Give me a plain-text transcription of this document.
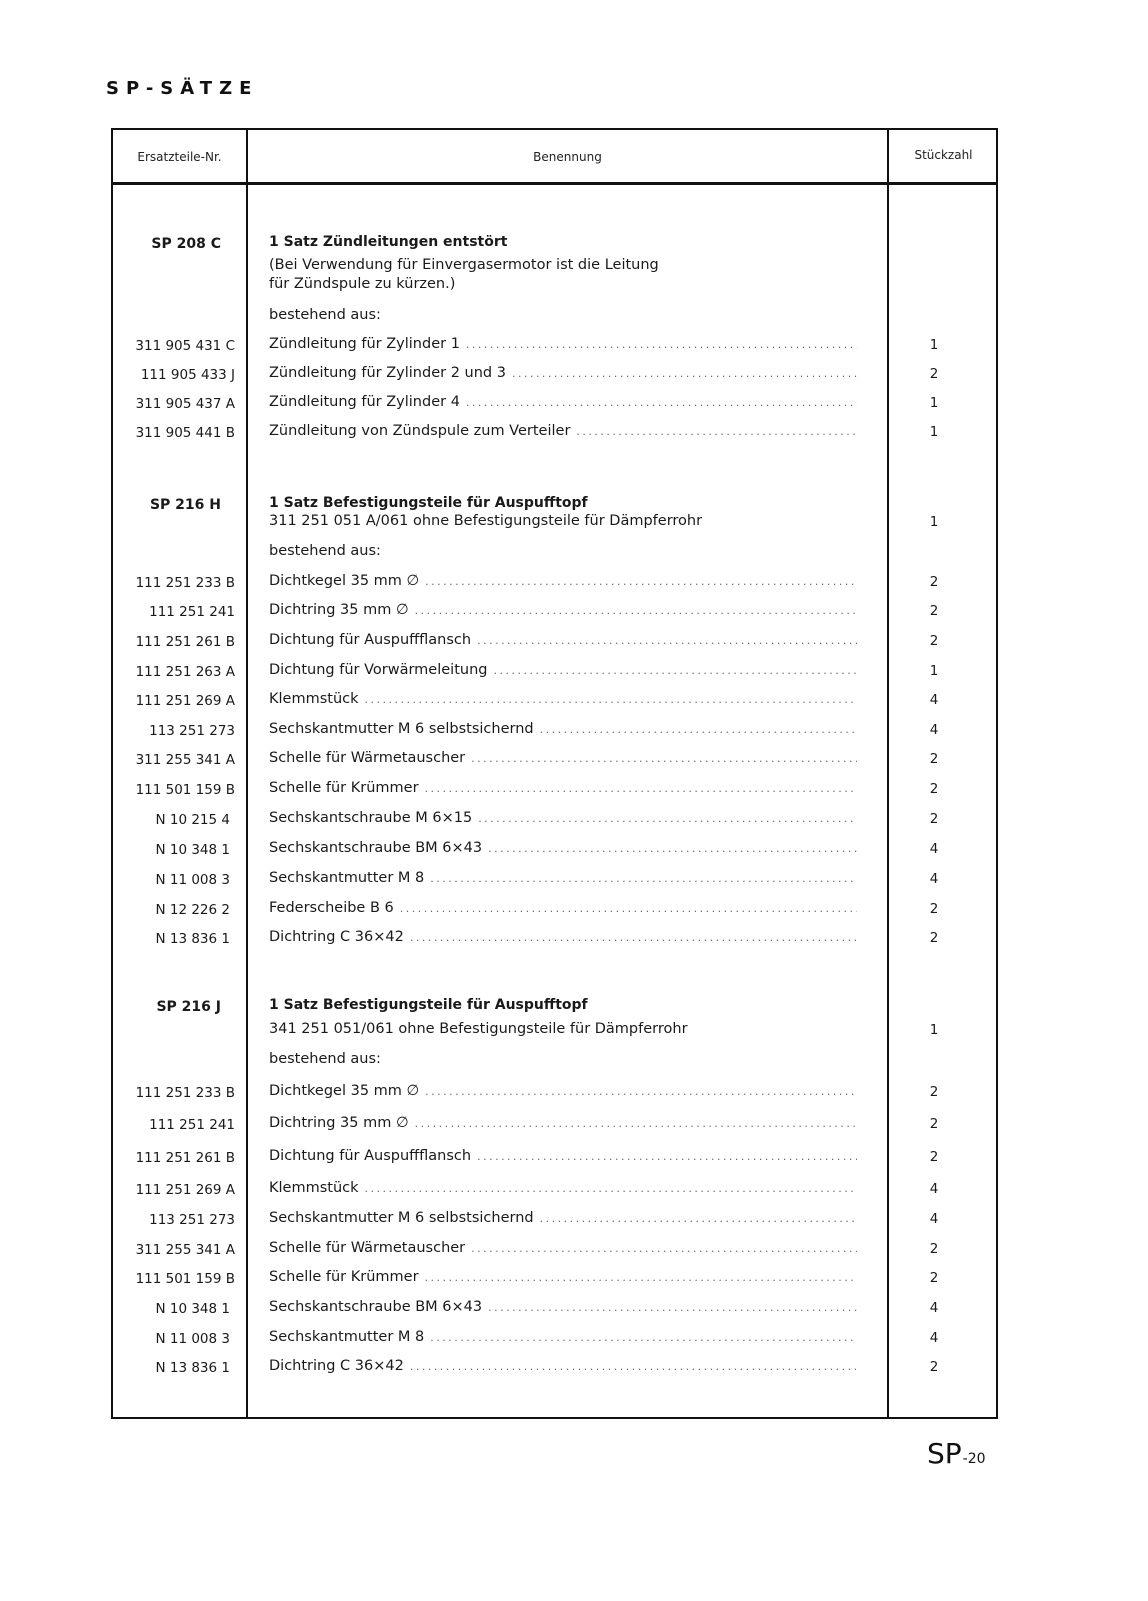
SP-SÄTZE
Ersatzteile-Nr.	Benennung	Stückzahl
SP 208 C	1 Satz Zündleitungen entstört
(Bei Verwendung für Einvergasermotor ist die Leitung
für Zündspule zu kürzen.)
bestehend aus:
311 905 431 C Zündleitung für Zylinder 1 .....	1
111 905 433 J Zündleitung für Zylinder 2 und 3 .....	2
311 905 437 A Zündleitung für Zylinder 4 .....	1
311 905 441 B Zündleitung von Zündspule zum Verteiler .....	1
SP 216 H	1 Satz Befestigungsteile für Auspufftopf
311 251 051 A/061 ohne Befestigungsteile für Dämpferrohr	1
bestehend aus:
111 251 233 B Dichtkegel 35 mm ∅ .....	2
111 251 241 Dichtring 35 mm ∅ .....	2
111 251 261 B Dichtung für Auspuffflansch .....	2
111 251 263 A Dichtung für Vorwärmeleitung .....	1
111 251 269 A Klemmstück .....	4
113 251 273 Sechskantmutter M 6 selbstsichernd .....	4
311 255 341 A Schelle für Wärmetauscher .....	2
111 501 159 B Schelle für Krümmer .....	2
N 10 215 4	Sechskantschraube M 6×15 .....	2
N 10 348 1	Sechskantschraube BM 6×43 .....	4
N 11 008 3	Sechskantmutter M 8 .....	4
N 12 226 2	Federscheibe B 6 .....	2
N 13 836 1	Dichtring C 36×42 .....	2
SP 216 J	1 Satz Befestigungsteile für Auspufftopf
341 251 051/061 ohne Befestigungsteile für Dämpferrohr	1
bestehend aus:
111 251 233 B Dichtkegel 35 mm ∅ .....	2
111 251 241 Dichtring 35 mm ∅ .....	2
111 251 261 B Dichtung für Auspuffflansch .....	2
111 251 269 A Klemmstück .....	4
113 251 273 Sechskantmutter M 6 selbstsichernd .....	4
311 255 341 A Schelle für Wärmetauscher .....	2
111 501 159 B Schelle für Krümmer .....	2
N 10 348 1	Sechskantschraube BM 6×43 .....	4
N 11 008 3	Sechskantmutter M 8 .....	4
N 13 836 1	Dichtring C 36×42 .....	2
SP-20
